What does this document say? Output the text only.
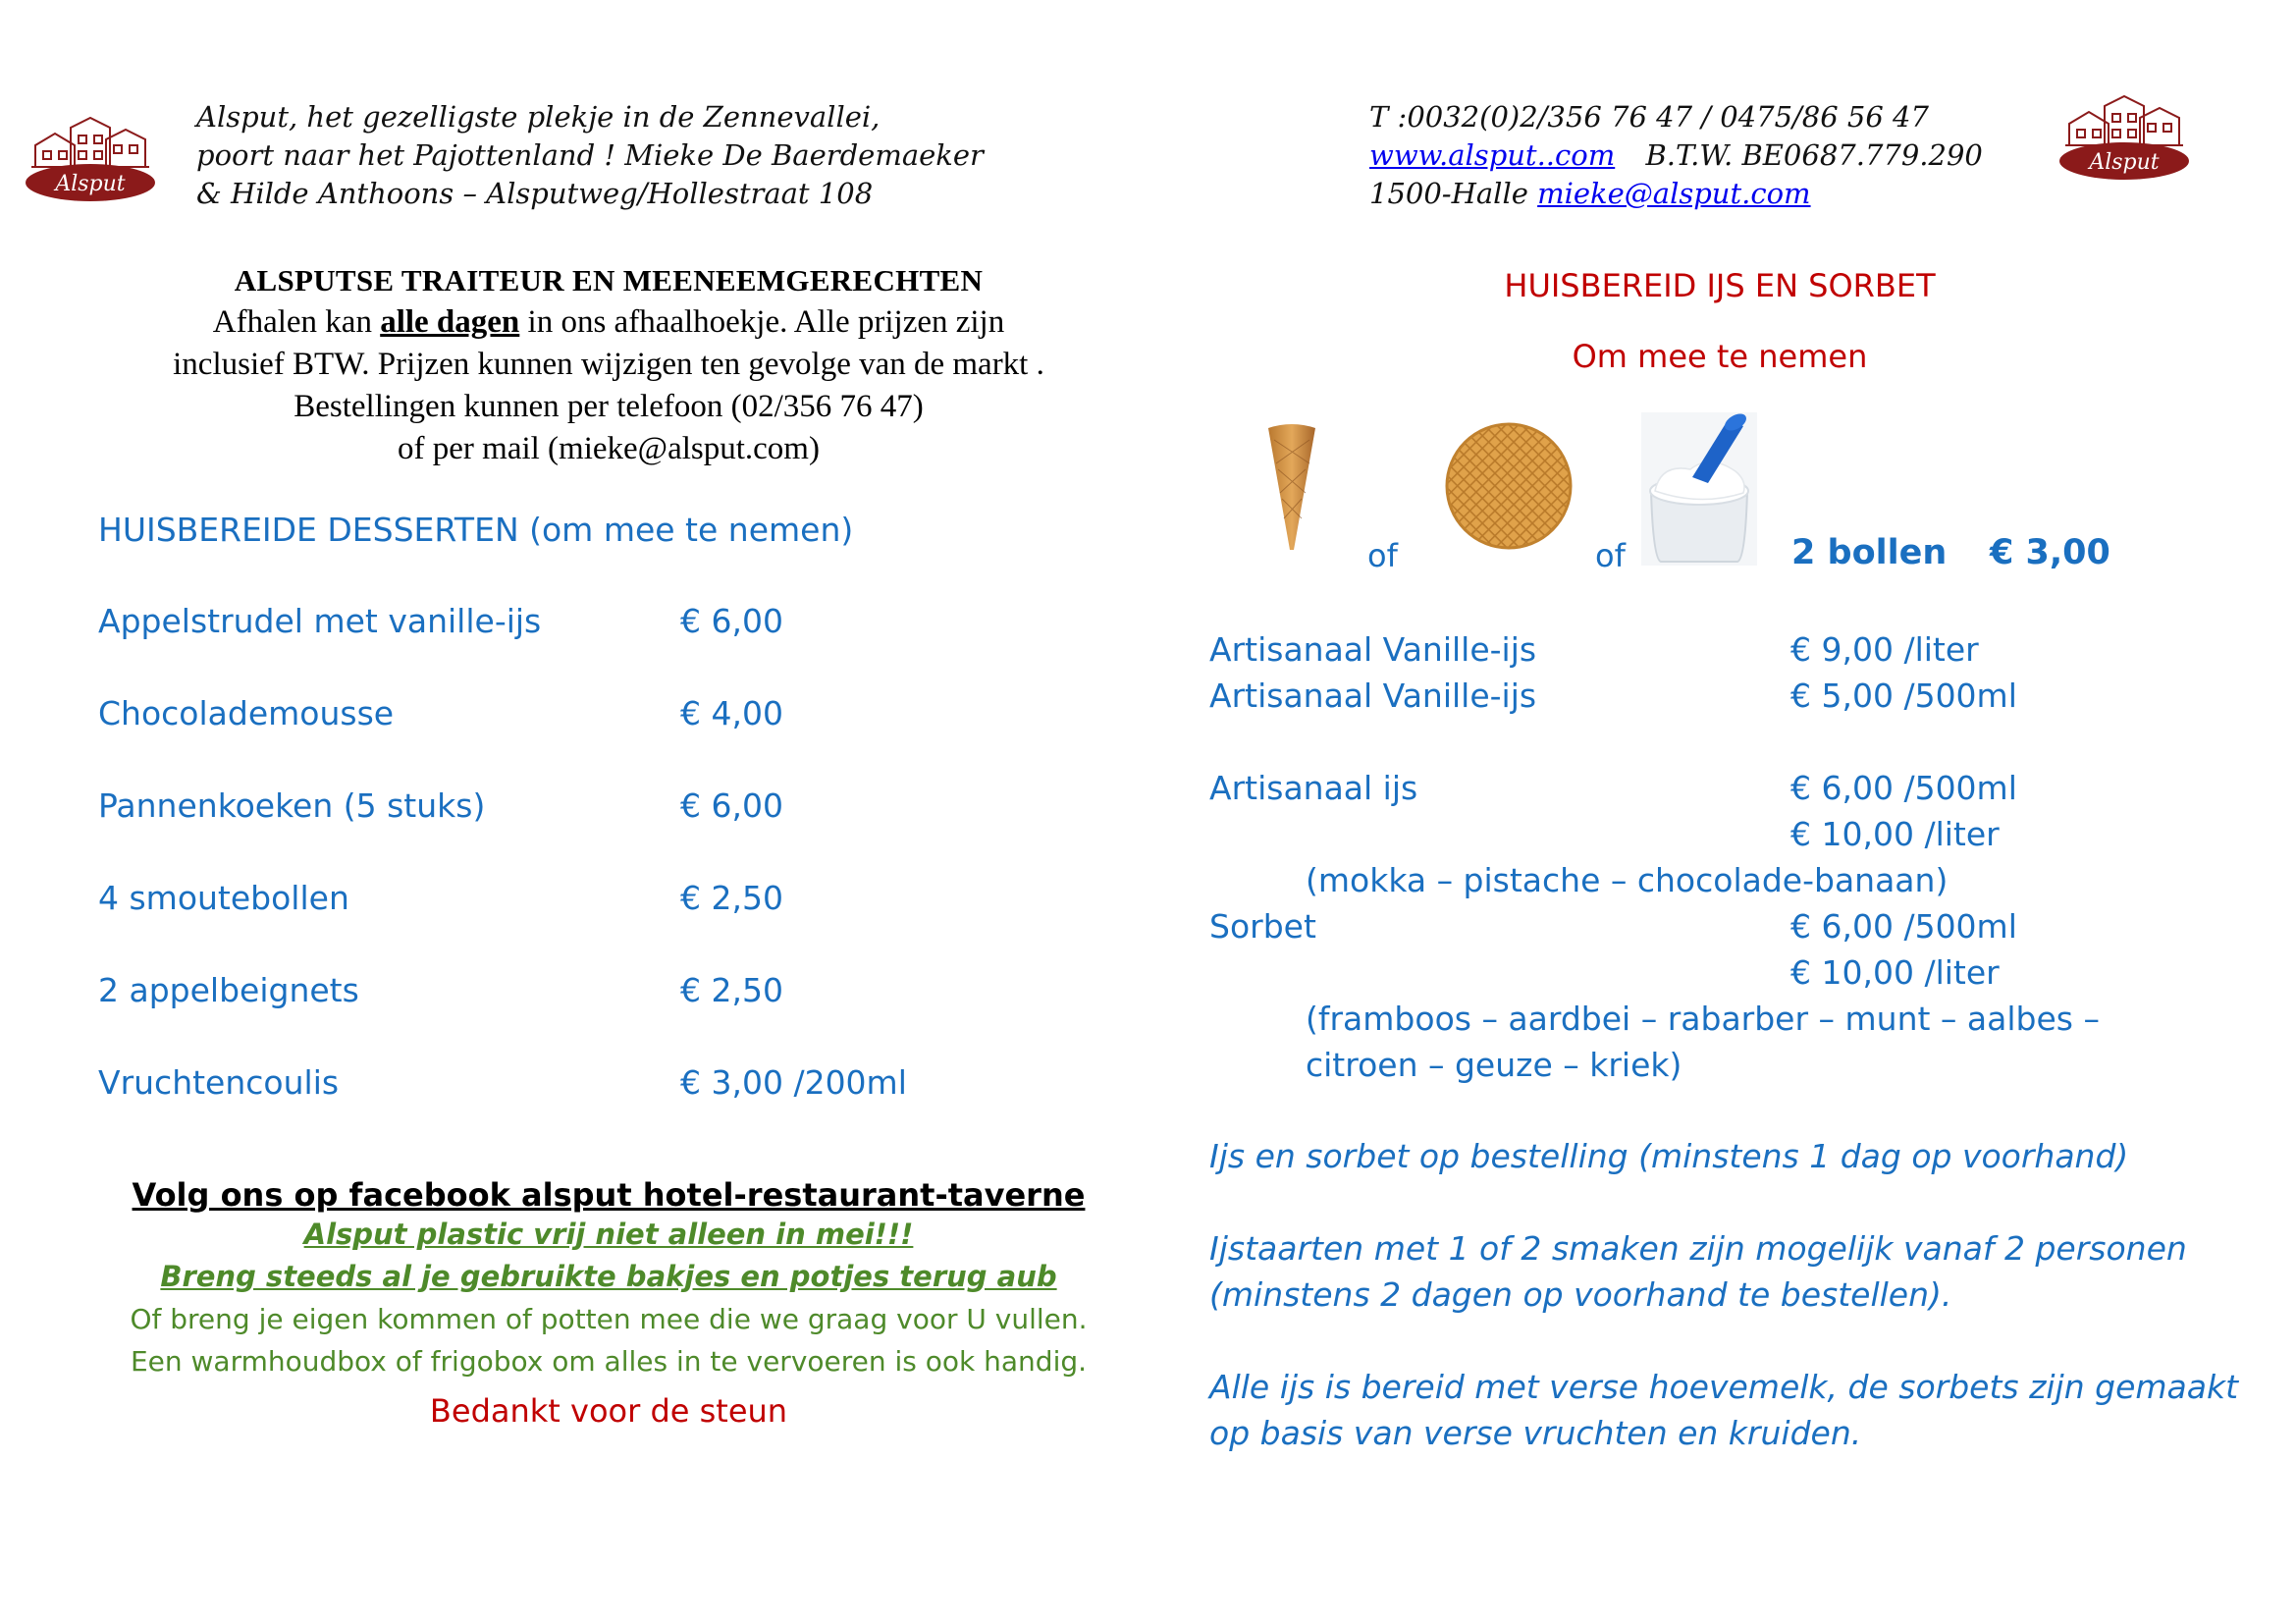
Alsput
Alsput, het gezelligste plekje in de Zennevallei,
poort naar het Pajottenland ! Mieke De Baerdemaeker
& Hilde Anthoons – Alsputweg/Hollestraat 108
T :0032(0)2/356 76 47 / 0475/86 56 47
www.alsput..com B.T.W. BE0687.779.290
1500-Halle mieke@alsput.com
Alsput
ALSPUTSE TRAITEUR EN MEENEEMGERECHTEN
Afhalen kan alle dagen in ons afhaalhoekje. Alle prijzen zijn
inclusief BTW. Prijzen kunnen wijzigen ten gevolge van de markt .
Bestellingen kunnen per telefoon (02/356 76 47)
of per mail (mieke@alsput.com)
HUISBEREIDE DESSERTEN (om mee te nemen)
Appelstrudel met vanille-ijs	€ 6,00
Chocolademousse	€ 4,00
Pannenkoeken (5 stuks)	€ 6,00
4 smoutebollen	€ 2,50
2 appelbeignets	€ 2,50
Vruchtencoulis	€ 3,00 /200ml
Volg ons op facebook alsput hotel-restaurant-taverne
Alsput plastic vrij niet alleen in mei!!!
Breng steeds al je gebruikte bakjes en potjes terug aub
Of breng je eigen kommen of potten mee die we graag voor U vullen.
Een warmhoudbox of frigobox om alles in te vervoeren is ook handig.
Bedankt voor de steun
HUISBEREID IJS EN SORBET
Om mee te nemen
of	of	2 bollen € 3,00
Artisanaal Vanille-ijs	€ 9,00 /liter
Artisanaal Vanille-ijs	€ 5,00 /500ml
Artisanaal ijs	€ 6,00 /500ml
€ 10,00 /liter
(mokka – pistache – chocolade-banaan)
Sorbet	€ 6,00 /500ml
€ 10,00 /liter
(framboos – aardbei – rabarber – munt – aalbes –
citroen – geuze – kriek)
Ijs en sorbet op bestelling (minstens 1 dag op voorhand)
Ijstaarten met 1 of 2 smaken zijn mogelijk vanaf 2 personen
(minstens 2 dagen op voorhand te bestellen).
Alle ijs is bereid met verse hoevemelk, de sorbets zijn gemaakt
op basis van verse vruchten en kruiden.
